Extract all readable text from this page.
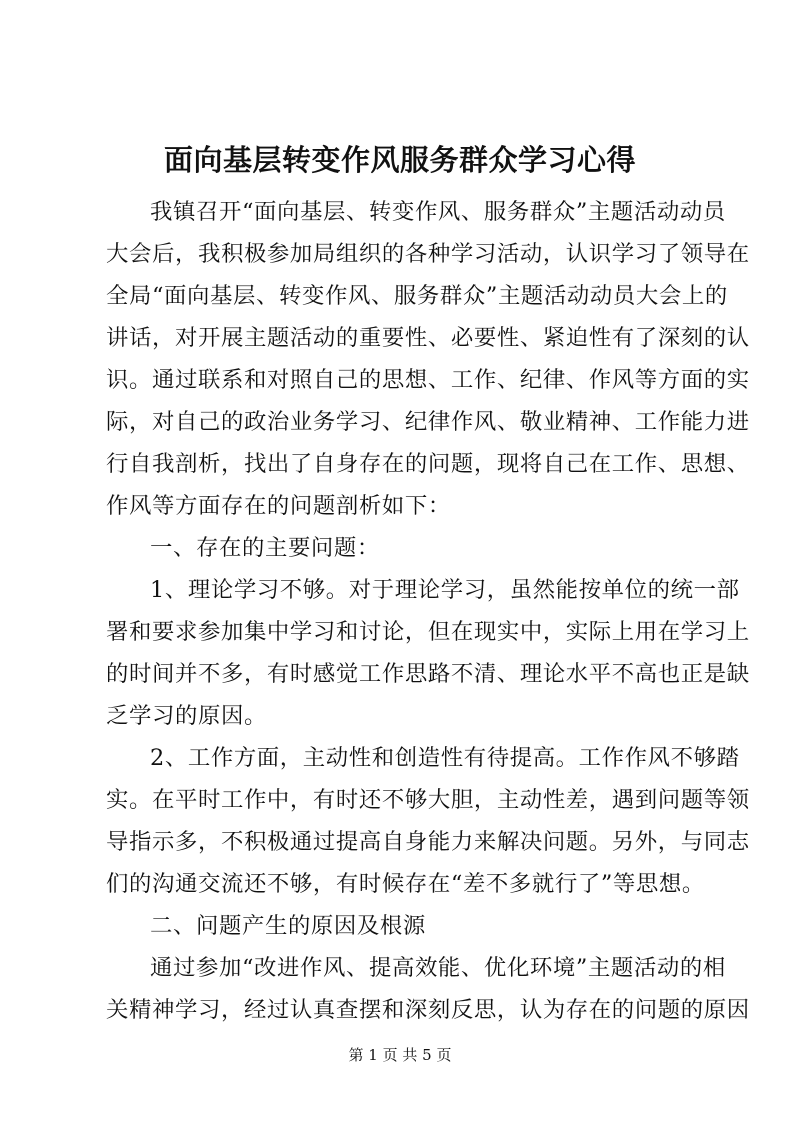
面向基层转变作风服务群众学习心得

我镇召开“面向基层、转变作风、服务群众”主题活动动员

大会后，我积极参加局组织的各种学习活动，认识学习了领导在

全局“面向基层、转变作风、服务群众”主题活动动员大会上的

讲话，对开展主题活动的重要性、必要性、紧迫性有了深刻的认

识。通过联系和对照自己的思想、工作、纪律、作风等方面的实

际，对自己的政治业务学习、纪律作风、敬业精神、工作能力进

行自我剖析，找出了自身存在的问题，现将自己在工作、思想、

作风等方面存在的问题剖析如下：

一、存在的主要问题：

1、理论学习不够。对于理论学习，虽然能按单位的统一部

署和要求参加集中学习和讨论，但在现实中，实际上用在学习上

的时间并不多，有时感觉工作思路不清、理论水平不高也正是缺

乏学习的原因。

2、工作方面，主动性和创造性有待提高。工作作风不够踏

实。在平时工作中，有时还不够大胆，主动性差，遇到问题等领

导指示多，不积极通过提高自身能力来解决问题。另外，与同志

们的沟通交流还不够，有时候存在“差不多就行了”等思想。

二、问题产生的原因及根源

通过参加“改进作风、提高效能、优化环境”主题活动的相

关精神学习，经过认真查摆和深刻反思，认为存在的问题的原因

第 1 页 共 5 页
